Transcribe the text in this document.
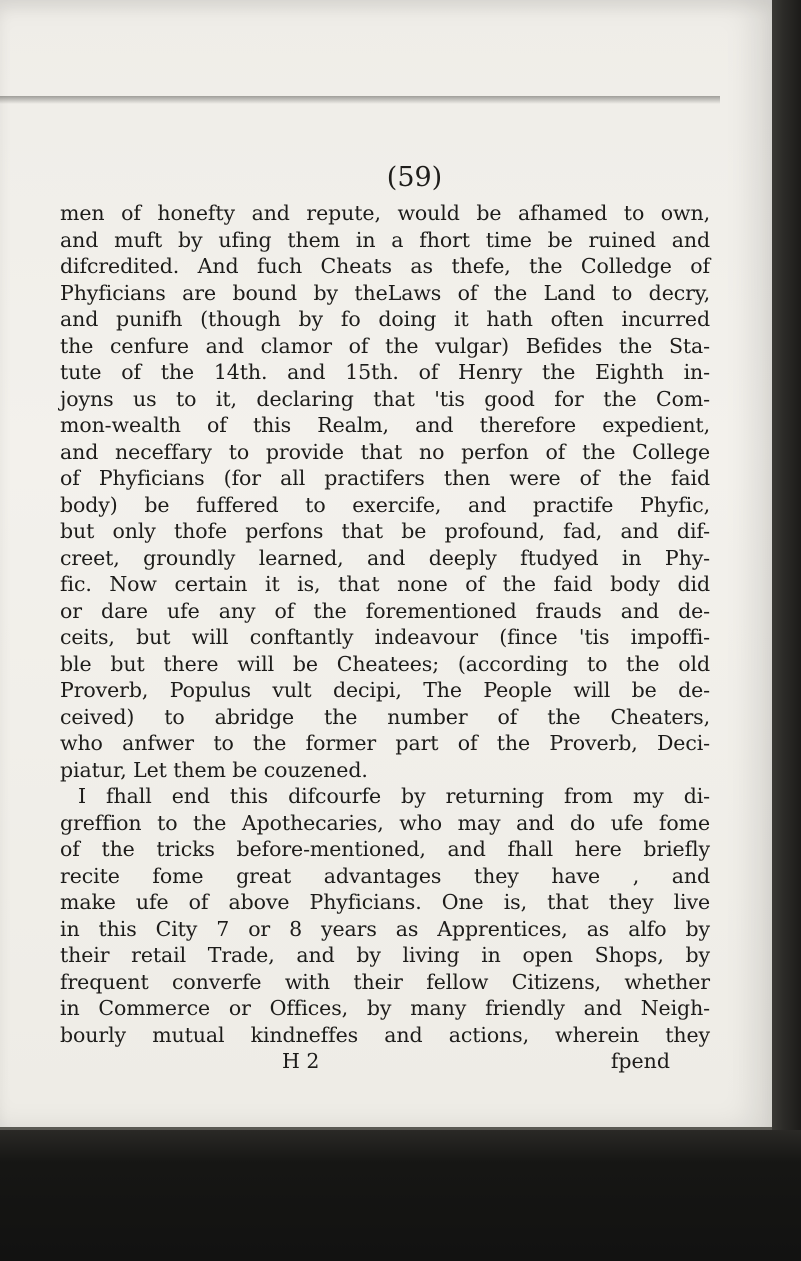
(59)
men of honefty and repute, would be afhamed to own,
and muft by ufing them in a fhort time be ruined and
difcredited. And fuch Cheats as thefe, the Colledge of
Phyficians are bound by theLaws of the Land to decry,
and punifh (though by fo doing it hath often incurred
the cenfure and clamor of the vulgar) Befides the Sta-
tute of the 14th. and 15th. of Henry the Eighth in-
joyns us to it, declaring that 'tis good for the Com-
mon-wealth of this Realm, and therefore expedient,
and neceffary to provide that no perfon of the College
of Phyficians (for all practifers then were of the faid
body) be fuffered to exercife, and practife Phyfic,
but only thofe perfons that be profound, fad, and dif-
creet, groundly learned, and deeply ftudyed in Phy-
fic. Now certain it is, that none of the faid body did
or dare ufe any of the forementioned frauds and de-
ceits, but will conftantly indeavour (fince 'tis impoffi-
ble but there will be Cheatees; (according to the old
Proverb, Populus vult decipi, The People will be de-
ceived) to abridge the number of the Cheaters,
who anfwer to the former part of the Proverb, Deci-
piatur, Let them be couzened.
I fhall end this difcourfe by returning from my di-
greffion to the Apothecaries, who may and do ufe fome
of the tricks before-mentioned, and fhall here briefly
recite fome great advantages they have , and
make ufe of above Phyficians. One is, that they live
in this City 7 or 8 years as Apprentices, as alfo by
their retail Trade, and by living in open Shops, by
frequent converfe with their fellow Citizens, whether
in Commerce or Offices, by many friendly and Neigh-
bourly mutual kindneffes and actions, wherein they
H 2	fpend
